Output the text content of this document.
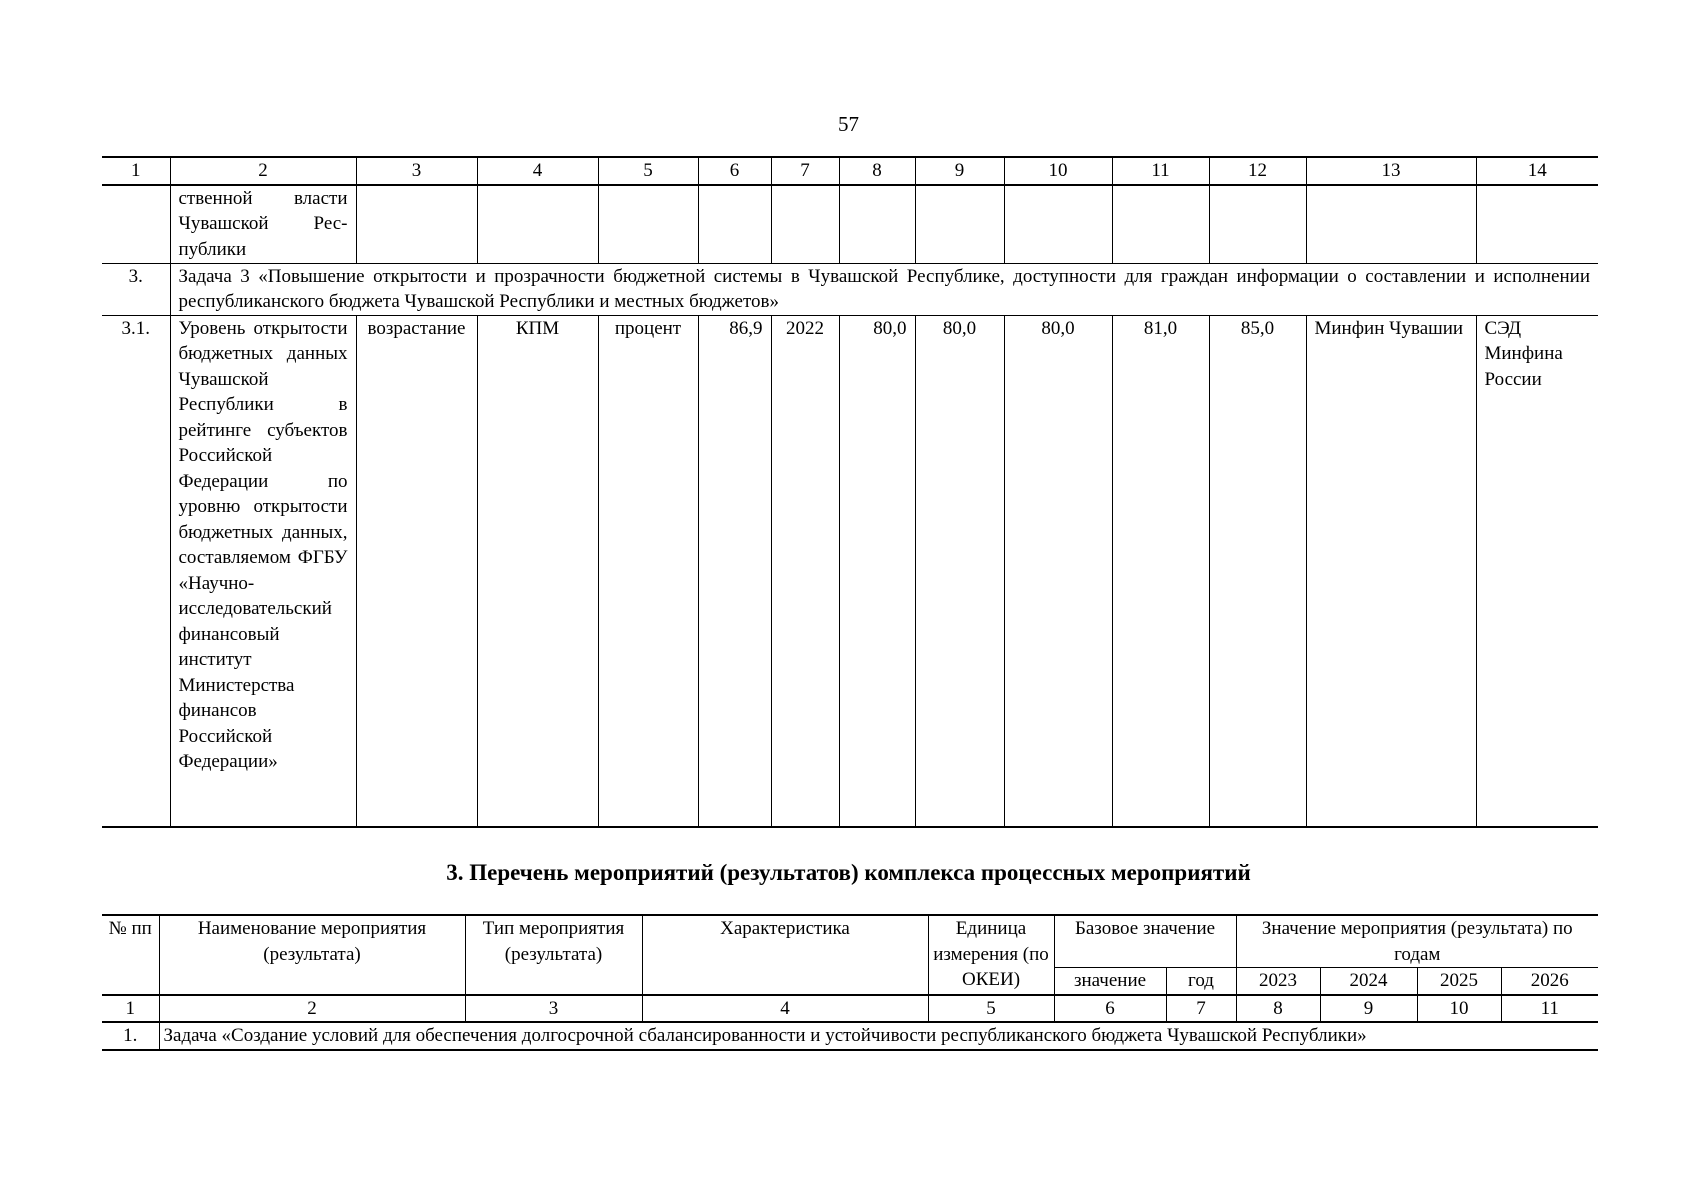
57
1	2	3	4	5	6	7	8	9	10	11	12	13	14
	ственной власти Чувашской Рес- публики												
3.	Задача 3 «Повышение открытости и прозрачности бюджетной системы в Чувашской Республике, доступности для граждан информации о составлении и исполнении республиканского бюджета Чувашской Республики и местных бюджетов»												
3.1.	Уровень открытости бюджетных данных Чувашской Республики в рейтинге субъектов Российской Федерации по уровню открытости бюджетных данных, составляемом ФГБУ «Научно-исследовательский финансовый институт Министерства финансов Российской Федерации»	возрастание	КПМ	процент	86,9	2022	80,0	80,0	80,0	81,0	85,0	Минфин Чувашии	СЭД Минфина России
3. Перечень мероприятий (результатов) комплекса процессных мероприятий
№ пп	Наименование мероприятия (результата)	Тип мероприятия (результата)	Характеристика	Единица измерения (по ОКЕИ)	Базовое значение		Значение мероприятия (результата) по годам			
					значение	год	2023	2024	2025	2026
1	2	3	4	5	6	7	8	9	10	11
1.	Задача «Создание условий для обеспечения долгосрочной сбалансированности и устойчивости республиканского бюджета Чувашской Республики»									
